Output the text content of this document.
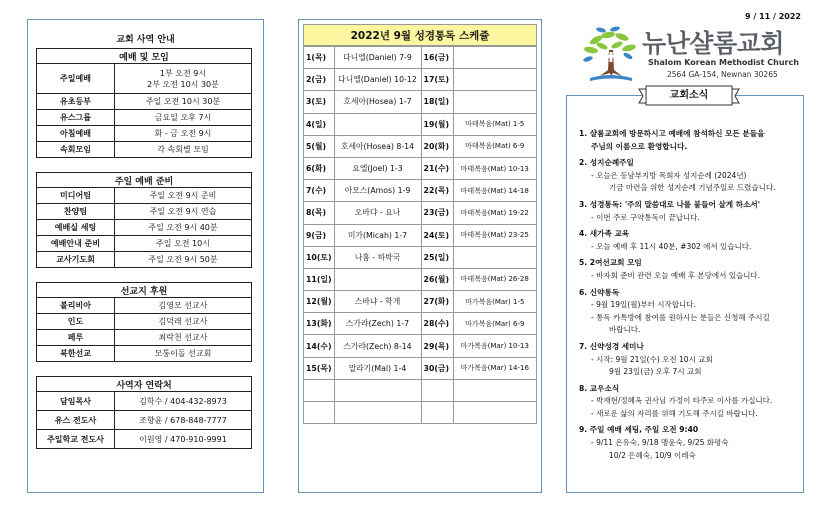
교회 사역 안내
예배 및 모임	
주일예배	1부 오전 9시
2부 오전 10시 30분

유초등부	주일 오전 10시 30분
유스그룹	금요일 오후 7시
아침예배	화 - 금 오전 9시
속회모임	각 속회별 모임
주일 예배 준비	
미디어팀	주일 오전 9시 준비
찬양팀	주일 오전 9시 연습
예배실 세팅	주일 오전 9시 40분
예배안내 준비	주일 오전 10시
교사기도회	주일 오전 9시 50분
선교지 후원	
볼리비아	김영모 선교사
인도	김덕래 선교사
페루	최락천 선교사
북한선교	모퉁이돌 선교회
사역자 연락처	
담임목사	김학수 / 404-432-8973
유스 전도사	조향윤 / 678-848-7777
주일학교 전도사	이원영 / 470-910-9991
2022년 9월 성경통독 스케쥴
1(목)	다니엘(Daniel) 7-9	16(금)	
2(금)	다니엘(Daniel) 10-12	17(토)	
3(토)	호세아(Hosea) 1-7	18(일)	
4(일)		19(월)	마태복음(Mat) 1-5
5(월)	호세아(Hosea) 8-14	20(화)	마태복음(Mat) 6-9
6(화)	요엘(Joel) 1-3	21(수)	마태복음(Mat) 10-13
7(수)	아모스(Amos) 1-9	22(목)	마태복음(Mat) 14-18
8(목)	오바댜 - 요나	23(금)	마태복음(Mat) 19-22
9(금)	미가(Micah) 1-7	24(토)	마태복음(Mat) 23-25
10(토)	나훔 - 하박국	25(일)	
11(일)		26(월)	마태복음(Mat) 26-28
12(월)	스바냐 - 학개	27(화)	마가복음(Mar) 1-5
13(화)	스가랴(Zech) 1-7	28(수)	마가복음(Mar) 6-9
14(수)	스가랴(Zech) 8-14	29(목)	마가복음(Mar) 10-13
15(목)	말라기(Mal) 1-4	30(금)	마가복음(Mar) 14-16

9 / 11 / 2022
뉴난샬롬교회
Shalom Korean Methodist Church
2564 GA-154, Newnan 30265
교회소식
1. 샬롬교회에 방문하시고 예배에 참석하신 모든 분들을
주님의 이름으로 환영합니다.
2. 성지순례주일
- 오늘은 동남부지방 목회자 성지순례 (2024년)
기금 마련을 위한 성지순례 기념주일로 드렸습니다.
3. 성경통독: '주의 말씀대로 나를 붙들어 살게 하소서'
- 이번 주로 구약통독이 끝납니다.
4. 새가족 교육
- 오늘 예배 후 11시 40분, #302 에서 있습니다.
5. 2여선교회 모임
- 바자회 준비 관련 오늘 예배 후 본당에서 있습니다.
6. 신약통독
- 9월 19일(월)부터 시작합니다.
- 통독 카톡방에 참여를 원하시는 분들은 신청해 주시길
바랍니다.
7. 신약성경 세미나
- 시작: 9월 21일(수) 오전 10시 교회
9월 23일(금) 오후 7시 교회
8. 교우소식
- 박재현/정혜옥 권사님 가정이 타주로 이사를 가십니다.
- 새로운 삶의 자리를 위해 기도해 주시길 바랍니다.
9. 주일 예배 세팅, 주일 오전 9:40
- 9/11 온유숙, 9/18 맹윤숙, 9/25 화평숙
10/2 은혜숙, 10/9 이레숙
